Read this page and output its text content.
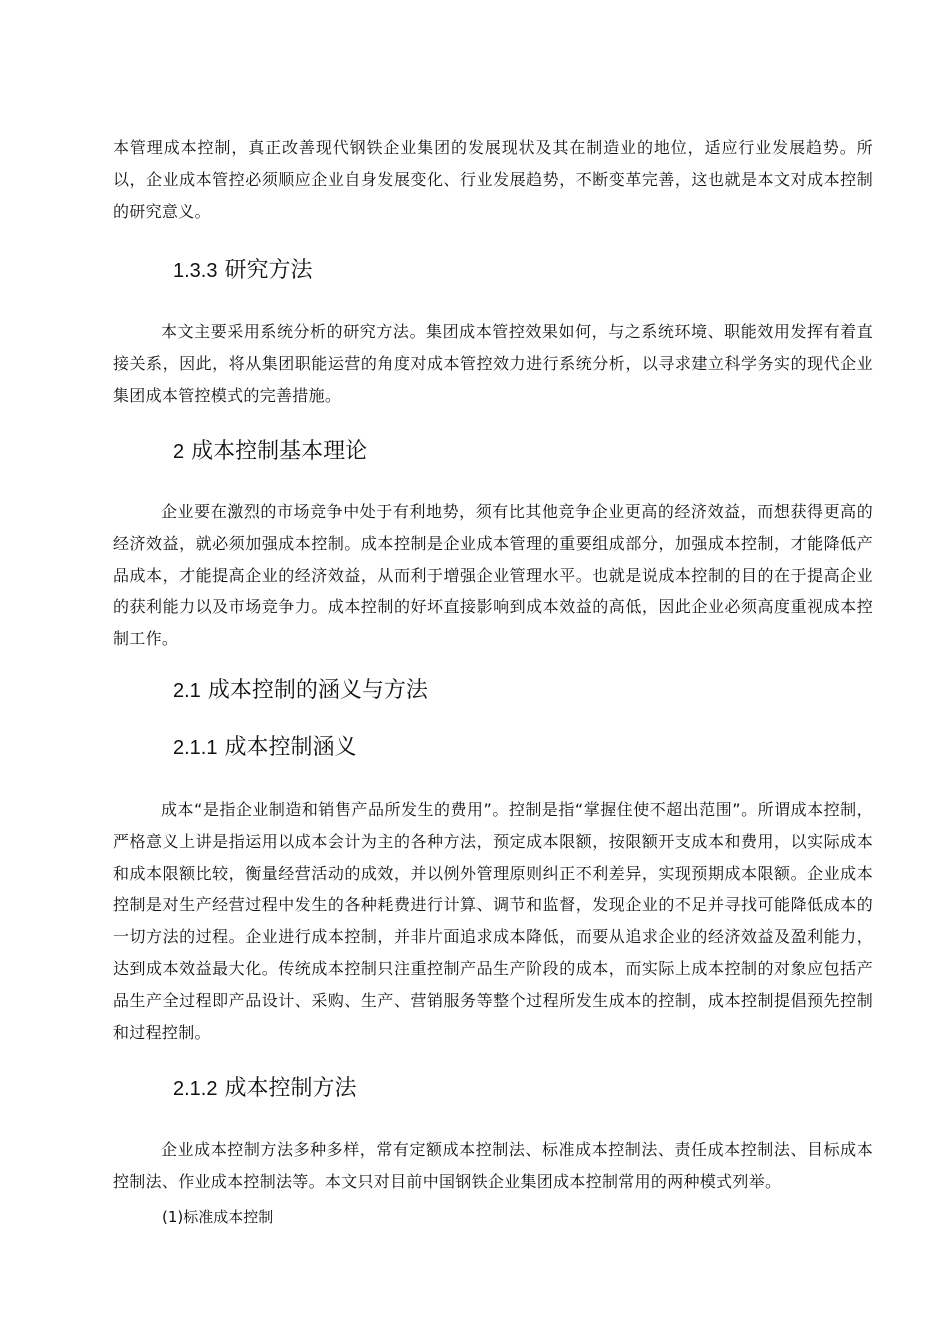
本管理成本控制，真正改善现代钢铁企业集团的发展现状及其在制造业的地位，适应行业发展趋势。所以，企业成本管控必须顺应企业自身发展变化、行业发展趋势，不断变革完善，这也就是本文对成本控制的研究意义。

1.3.3 研究方法

本文主要采用系统分析的研究方法。集团成本管控效果如何，与之系统环境、职能效用发挥有着直接关系，因此，将从集团职能运营的角度对成本管控效力进行系统分析，以寻求建立科学务实的现代企业集团成本管控模式的完善措施。

2 成本控制基本理论

企业要在激烈的市场竞争中处于有利地势，须有比其他竞争企业更高的经济效益，而想获得更高的经济效益，就必须加强成本控制。成本控制是企业成本管理的重要组成部分，加强成本控制，才能降低产品成本，才能提高企业的经济效益，从而利于增强企业管理水平。也就是说成本控制的目的在于提高企业的获利能力以及市场竞争力。成本控制的好坏直接影响到成本效益的高低，因此企业必须高度重视成本控制工作。

2.1 成本控制的涵义与方法
2.1.1 成本控制涵义

成本“是指企业制造和销售产品所发生的费用”。控制是指“掌握住使不超出范围”。所谓成本控制，严格意义上讲是指运用以成本会计为主的各种方法，预定成本限额，按限额开支成本和费用，以实际成本和成本限额比较，衡量经营活动的成效，并以例外管理原则纠正不利差异，实现预期成本限额。企业成本控制是对生产经营过程中发生的各种耗费进行计算、调节和监督，发现企业的不足并寻找可能降低成本的一切方法的过程。企业进行成本控制，并非片面追求成本降低，而要从追求企业的经济效益及盈利能力，达到成本效益最大化。传统成本控制只注重控制产品生产阶段的成本，而实际上成本控制的对象应包括产品生产全过程即产品设计、采购、生产、营销服务等整个过程所发生成本的控制，成本控制提倡预先控制和过程控制。

2.1.2 成本控制方法

企业成本控制方法多种多样，常有定额成本控制法、标准成本控制法、责任成本控制法、目标成本控制法、作业成本控制法等。本文只对目前中国钢铁企业集团成本控制常用的两种模式列举。

(1)标准成本控制
